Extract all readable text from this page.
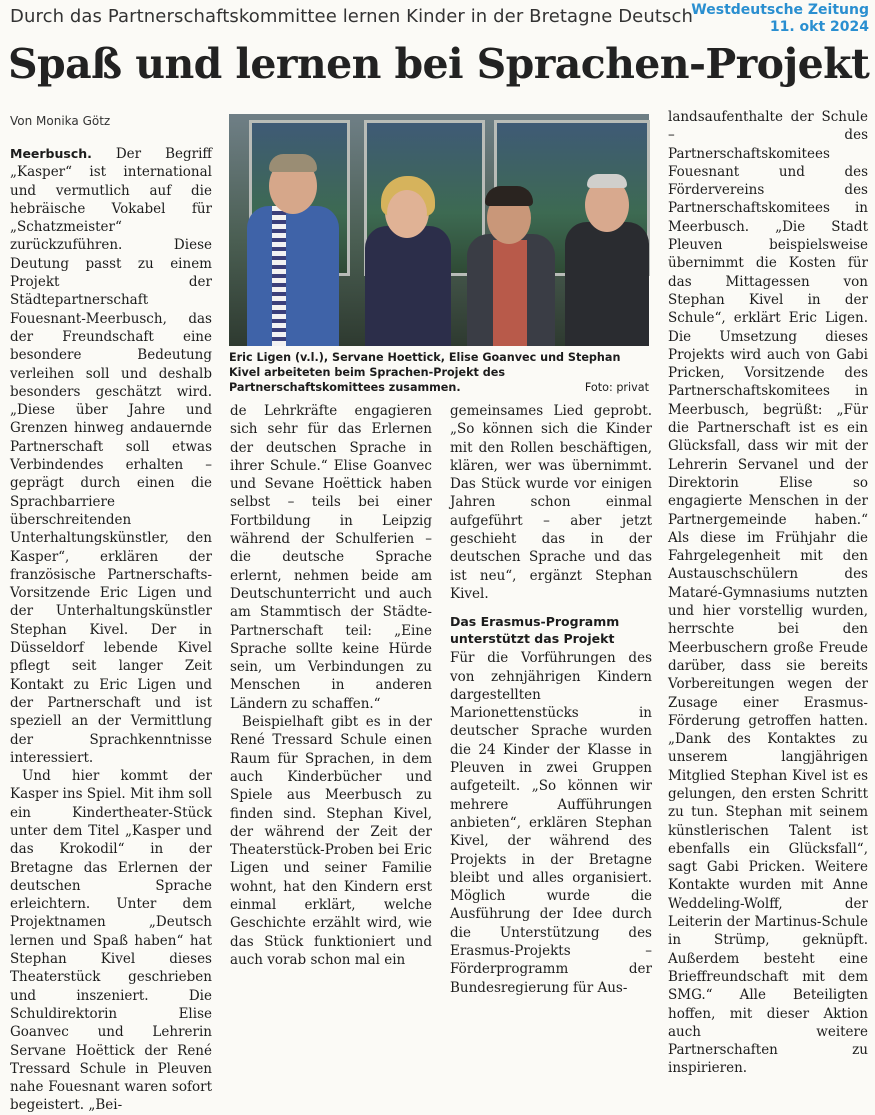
Durch das Partnerschaftskommittee lernen Kinder in der Bretagne Deutsch
Westdeutsche Zeitung
11. okt 2024
Spaß und lernen bei Sprachen-Projekt
Von Monika Götz

Meerbusch. Der Begriff „Kasper“ ist international und vermutlich auf die hebräische Vokabel für „Schatzmeister“ zurückzuführen. Diese Deutung passt zu einem Projekt der Städtepartnerschaft Fouesnant-Meerbusch, das der Freundschaft eine besondere Bedeutung verleihen soll und deshalb besonders geschätzt wird. „Diese über Jahre und Grenzen hinweg andauernde Partnerschaft soll etwas Verbindendes erhalten – geprägt durch einen die Sprachbarriere überschreitenden Unterhaltungskünstler, den Kasper“, erklären der französische Partnerschafts-Vorsitzende Eric Ligen und der Unterhaltungskünstler Stephan Kivel. Der in Düsseldorf lebende Kivel pflegt seit langer Zeit Kontakt zu Eric Ligen und der Partnerschaft und ist speziell an der Vermittlung der Sprachkenntnisse interessiert.

Und hier kommt der Kasper ins Spiel. Mit ihm soll ein Kindertheater-Stück unter dem Titel „Kasper und das Krokodil“ in der Bretagne das Erlernen der deutschen Sprache erleichtern. Unter dem Projektnamen „Deutsch lernen und Spaß haben“ hat Stephan Kivel dieses Theaterstück geschrieben und inszeniert. Die Schuldirektorin Elise Goanvec und Lehrerin Servane Hoëttick der René Tressard Schule in Pleuven nahe Fouesnant waren sofort begeistert. „Bei-

Eric Ligen (v.l.), Servane Hoettick, Elise Goanvec und Stephan Kivel arbeiteten beim Sprachen-Projekt des Partnerschaftskomittees zusammen.	Foto: privat

de Lehrkräfte engagieren sich sehr für das Erlernen der deutschen Sprache in ihrer Schule.“ Elise Goanvec und Sevane Hoëttick haben selbst – teils bei einer Fortbildung in Leipzig während der Schulferien – die deutsche Sprache erlernt, nehmen beide am Deutschunterricht und auch am Stammtisch der Städte-Partnerschaft teil: „Eine Sprache sollte keine Hürde sein, um Verbindungen zu Menschen in anderen Ländern zu schaffen.“

Beispielhaft gibt es in der René Tressard Schule einen Raum für Sprachen, in dem auch Kinderbücher und Spiele aus Meerbusch zu finden sind. Stephan Kivel, der während der Zeit der Theaterstück-Proben bei Eric Ligen und seiner Familie wohnt, hat den Kindern erst einmal erklärt, welche Geschichte erzählt wird, wie das Stück funktioniert und auch vorab schon mal ein

gemeinsames Lied geprobt. „So können sich die Kinder mit den Rollen beschäftigen, klären, wer was übernimmt. Das Stück wurde vor einigen Jahren schon einmal aufgeführt – aber jetzt geschieht das in der deutschen Sprache und das ist neu“, ergänzt Stephan Kivel.

Das Erasmus-Programm unterstützt das Projekt

Für die Vorführungen des von zehnjährigen Kindern dargestellten Marionettenstücks in deutscher Sprache wurden die 24 Kinder der Klasse in Pleuven in zwei Gruppen aufgeteilt. „So können wir mehrere Aufführungen anbieten“, erklären Stephan Kivel, der während des Projekts in der Bretagne bleibt und alles organisiert. Möglich wurde die Ausführung der Idee durch die Unterstützung des Erasmus-Projekts – Förderprogramm der Bundesregierung für Aus-

landsaufenthalte der Schule – des Partnerschaftskomitees Fouesnant und des Fördervereins des Partnerschaftskomitees in Meerbusch. „Die Stadt Pleuven beispielsweise übernimmt die Kosten für das Mittagessen von Stephan Kivel in der Schule“, erklärt Eric Ligen. Die Umsetzung dieses Projekts wird auch von Gabi Pricken, Vorsitzende des Partnerschaftskomitees in Meerbusch, begrüßt: „Für die Partnerschaft ist es ein Glücksfall, dass wir mit der Lehrerin Servanel und der Direktorin Elise so engagierte Menschen in der Partnergemeinde haben.“ Als diese im Frühjahr die Fahrgelegenheit mit den Austauschschülern des Mataré-Gymnasiums nutzten und hier vorstellig wurden, herrschte bei den Meerbuschern große Freude darüber, dass sie bereits Vorbereitungen wegen der Zusage einer Erasmus-Förderung getroffen hatten. „Dank des Kontaktes zu unserem langjährigen Mitglied Stephan Kivel ist es gelungen, den ersten Schritt zu tun. Stephan mit seinem künstlerischen Talent ist ebenfalls ein Glücksfall“, sagt Gabi Pricken. Weitere Kontakte wurden mit Anne Weddeling-Wolff, der Leiterin der Martinus-Schule in Strümp, geknüpft. Außerdem besteht eine Brieffreundschaft mit dem SMG.“ Alle Beteiligten hoffen, mit dieser Aktion auch weitere Partnerschaften zu inspirieren.
